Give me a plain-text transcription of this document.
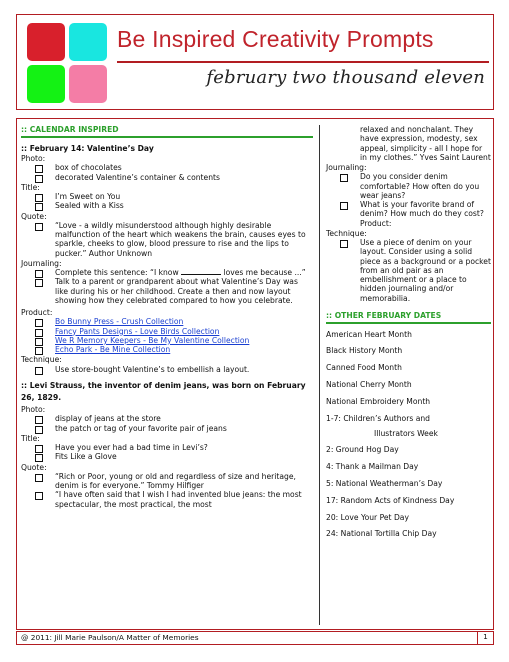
Be Inspired Creativity Prompts
february two thousand eleven
:: CALENDAR INSPIRED
:: February 14: Valentine’s Day
Photo:
box of chocolates
decorated Valentine’s container & contents
Title:
I’m Sweet on You
Sealed with a Kiss
Quote:
“Love - a wildly misunderstood although highly desirable malfunction of the heart which weakens the brain, causes eyes to sparkle, cheeks to glow, blood pressure to rise and the lips to pucker.” Author Unknown
Journaling:
Complete this sentence: “I know	loves me because ...”
Talk to a parent or grandparent about what Valentine’s Day was like during his or her childhood. Create a then and now layout showing how they celebrated compared to how you celebrate.
Product:
Bo Bunny Press - Crush Collection
Fancy Pants Designs - Love Birds Collection
We R Memory Keepers - Be My Valentine Collection
Echo Park - Be Mine Collection
Technique:
Use store-bought Valentine’s to embellish a layout.
:: Levi Strauss, the inventor of denim jeans, was born on February 26, 1829.
Photo:
display of jeans at the store
the patch or tag of your favorite pair of jeans
Title:
Have you ever had a bad time in Levi’s?
Fits Like a Glove
Quote:
“Rich or Poor, young or old and regardless of size and heritage, denim is for everyone.” Tommy Hilfiger
“I have often said that I wish I had invented blue jeans: the most spectacular, the most practical, the most
relaxed and nonchalant. They have expression, modesty, sex appeal, simplicity - all I hope for in my clothes.” Yves Saint Laurent
Journaling:
Do you consider denim comfortable? How often do you wear jeans?
What is your favorite brand of denim? How much do they cost? Product:
Technique:
Use a piece of denim on your layout. Consider using a solid piece as a background or a pocket from an old pair as an embellishment or a place to hidden journaling and/or memorabilia.
:: OTHER FEBRUARY DATES
American Heart Month
Black History Month
Canned Food Month
National Cherry Month
National Embroidery Month
1-7: Children’s Authors and
Illustrators Week
2: Ground Hog Day
4: Thank a Mailman Day
5: National Weatherman’s Day
17: Random Acts of Kindness Day
20: Love Your Pet Day
24: National Tortilla Chip Day
@ 2011: Jill Marie Paulson/A Matter of Memories	1
